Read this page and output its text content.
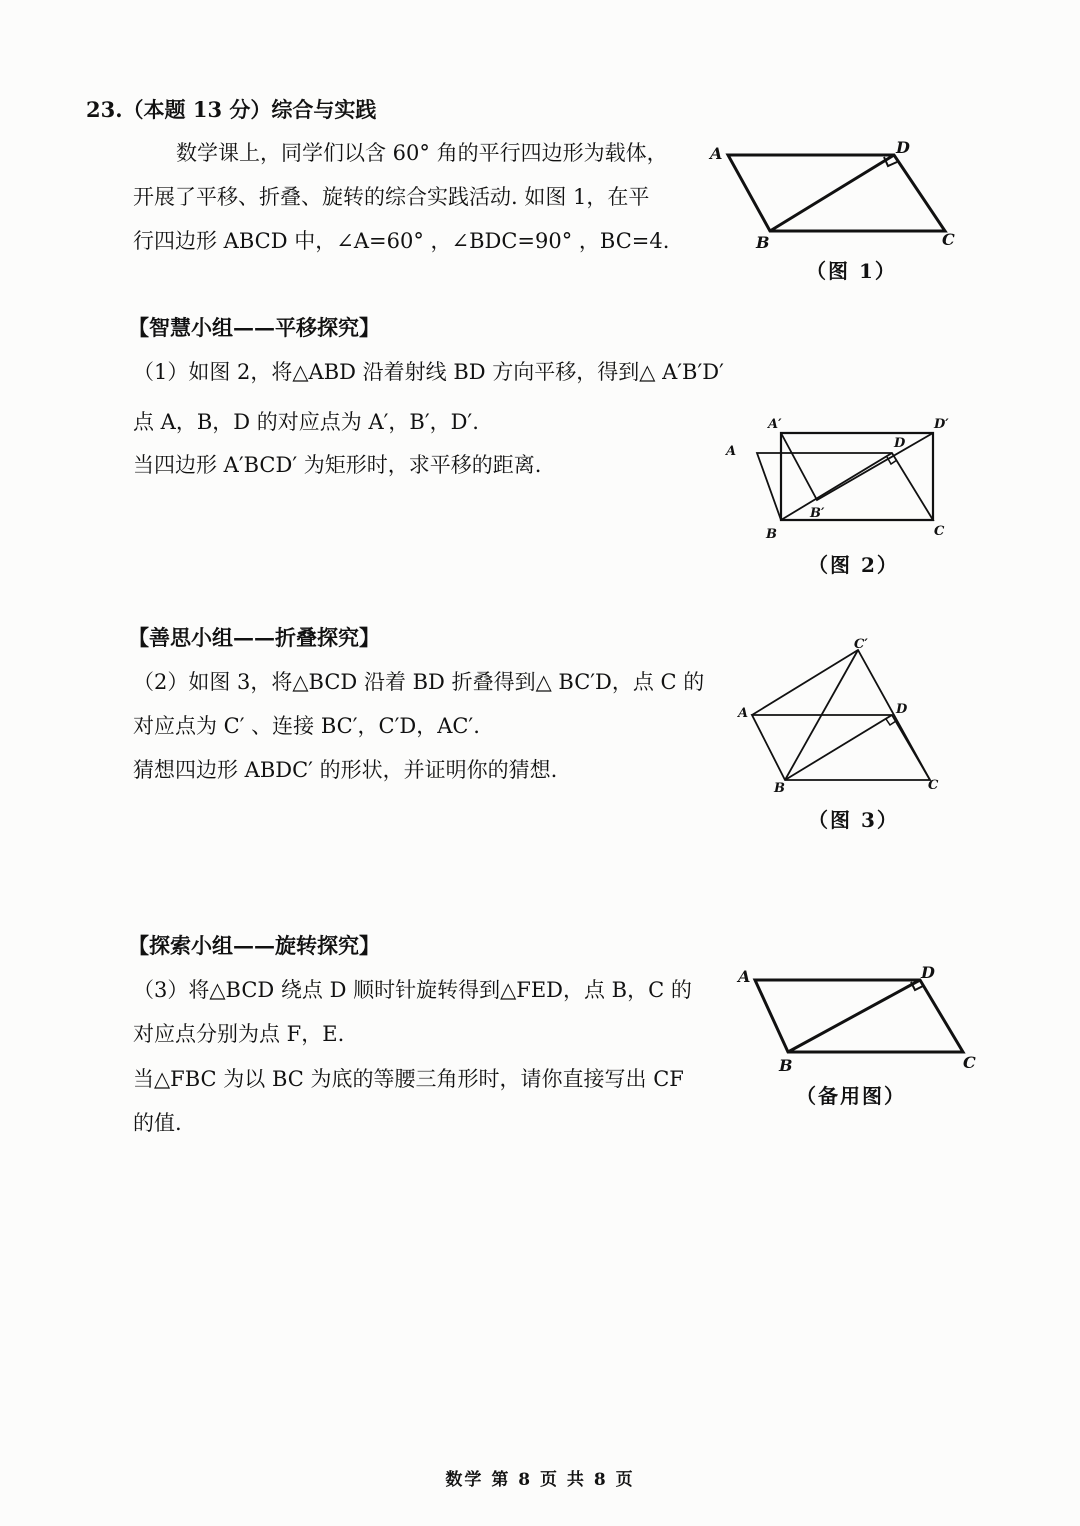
23.（本题 13 分）综合与实践
数学课上，同学们以含 60° 角的平行四边形为载体，
开展了平移、折叠、旋转的综合实践活动. 如图 1，在平
行四边形 ABCD 中，∠A=60° ，∠BDC=90° ，BC=4.
A	D
B	C
（图 1）
【智慧小组——平移探究】
（1）如图 2，将△ABD 沿着射线 BD 方向平移，得到△ A′B′D′
点 A，B，D 的对应点为 A′，B′，D′.
当四边形 A′BCD′ 为矩形时，求平移的距离.
A′	D′
A
D
B′
B	C
（图 2）
【善思小组——折叠探究】
（2）如图 3，将△BCD 沿着 BD 折叠得到△ BC′D，点 C 的
对应点为 C′ 、连接 BC′，C′D，AC′.
猜想四边形 ABDC′ 的形状，并证明你的猜想.
C′
A	D
B	C
（图 3）
【探索小组——旋转探究】
（3）将△BCD 绕点 D 顺时针旋转得到△FED，点 B，C 的
对应点分别为点 F，E.
当△FBC 为以 BC 为底的等腰三角形时，请你直接写出 CF
的值.
A	D
B	C
（备用图）
数学 第 8 页 共 8 页
